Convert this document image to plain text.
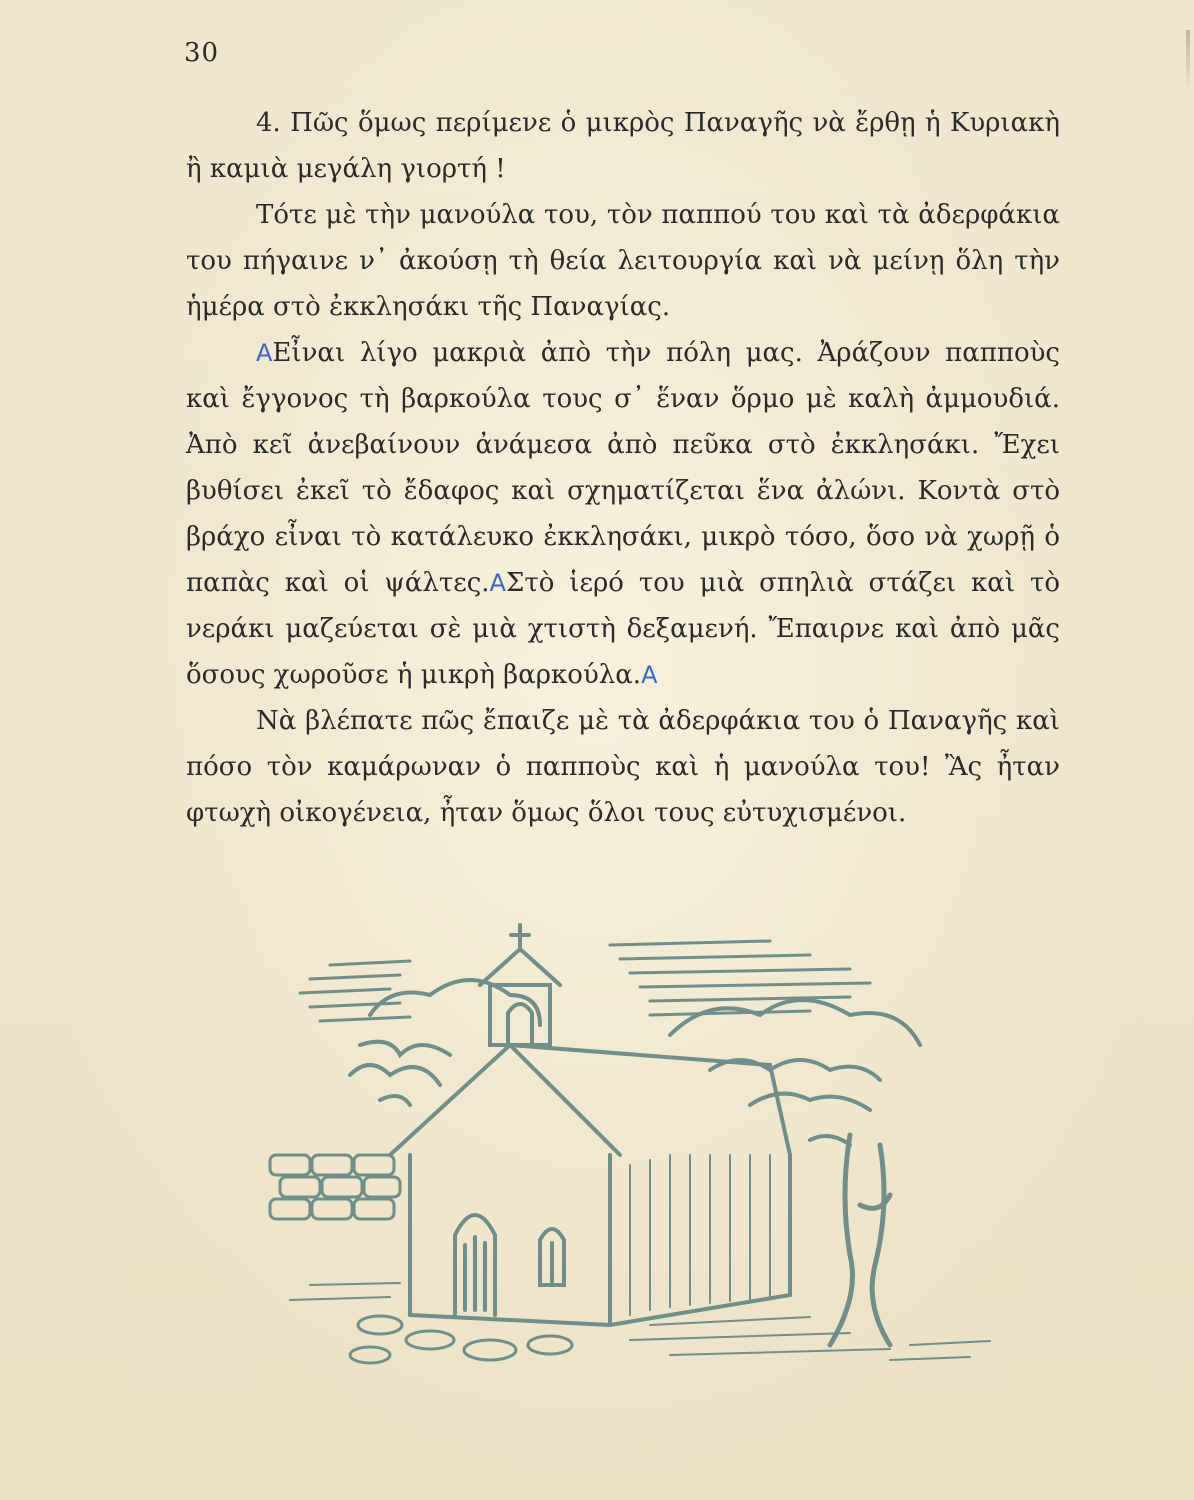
30

4. Πῶς ὅμως περίμενε ὁ μικρὸς Παναγῆς νὰ ἔρθῃ ἡ Κυριακὴ ἢ καμιὰ μεγάλη γιορτή !

Τότε μὲ τὴν μανούλα του, τὸν παππού του καὶ τὰ ἀδερφάκια του πήγαινε ν᾽ ἀκούσῃ τὴ θεία λειτουργία καὶ νὰ μείνῃ ὅλη τὴν ἡμέρα στὸ ἐκκλησάκι τῆς Παναγίας.

AΕἶναι λίγο μακριὰ ἀπὸ τὴν πόλη μας. Ἀράζουν παπποὺς καὶ ἔγγονος τὴ βαρκούλα τους σ᾽ ἕναν ὅρμο μὲ καλὴ ἀμμουδιά. Ἀπὸ κεῖ ἀνεβαίνουν ἀνάμεσα ἀπὸ πεῦκα στὸ ἐκκλησάκι. Ἔχει βυθίσει ἐκεῖ τὸ ἔδαφος καὶ σχηματίζεται ἕνα ἀλώνι. Κοντὰ στὸ βράχο εἶναι τὸ κατάλευκο ἐκκλησάκι, μικρὸ τόσο, ὅσο νὰ χωρῇ ὁ παπὰς καὶ οἱ ψάλτες.ΑΣτὸ ἱερό του μιὰ σπηλιὰ στάζει καὶ τὸ νεράκι μαζεύεται σὲ μιὰ χτιστὴ δεξαμενή. Ἔπαιρνε καὶ ἀπὸ μᾶς ὅσους χωροῦσε ἡ μικρὴ βαρκούλα.Α

Νὰ βλέπατε πῶς ἔπαιζε μὲ τὰ ἀδερφάκια του ὁ Παναγῆς καὶ πόσο τὸν καμάρωναν ὁ παπποὺς καὶ ἡ μανούλα του! Ἂς ἦταν φτωχὴ οἰκογένεια, ἦταν ὅμως ὅλοι τους εὐτυχισμένοι.
